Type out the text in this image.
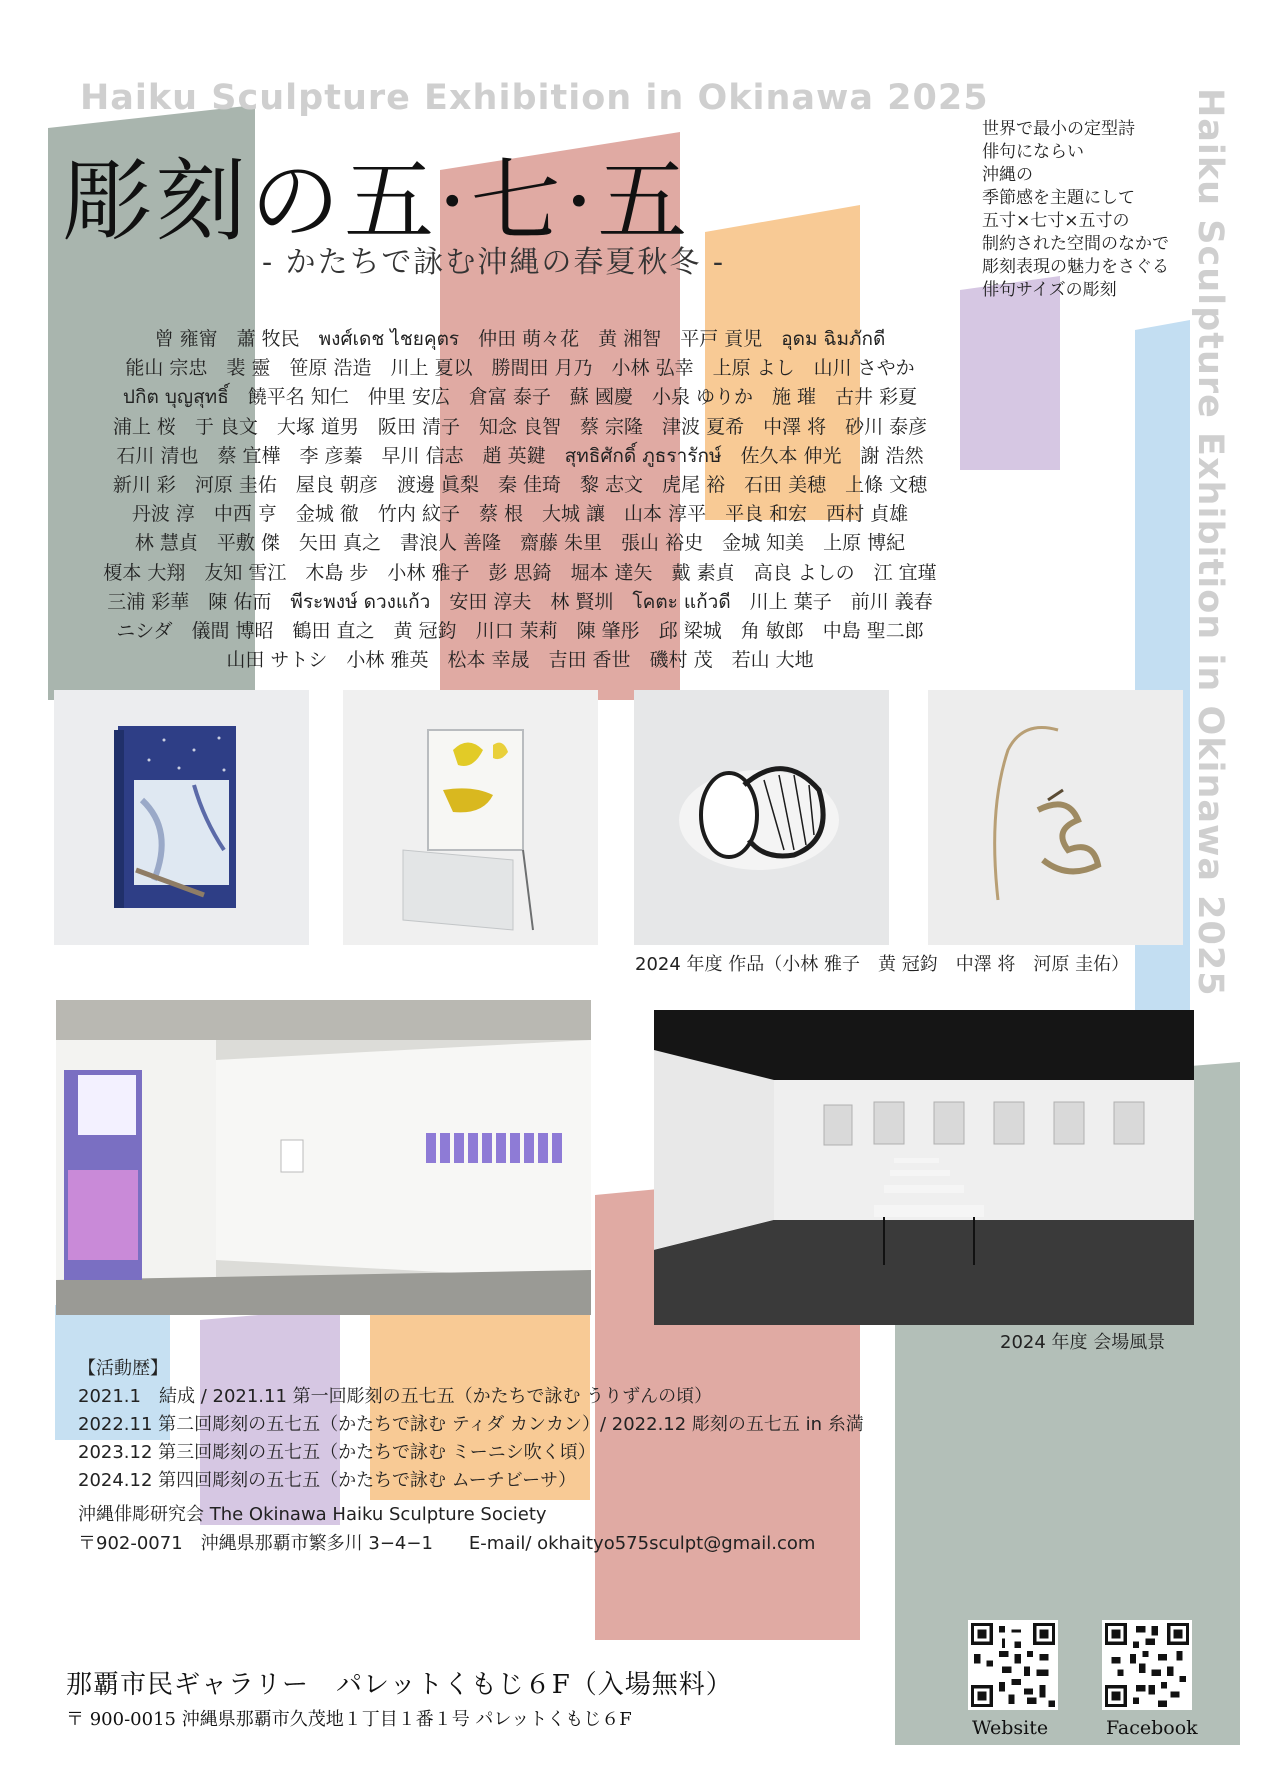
Haiku Sculpture Exhibition in Okinawa 2025	Haiku Sculpture Exhibition in Okinawa 2025
彫刻の五·七·五
- かたちで詠む沖縄の春夏秋冬 -
世界で最小の定型詩
俳句にならい
沖縄の
季節感を主題にして
五寸×七寸×五寸の
制約された空間のなかで
彫刻表現の魅力をさぐる
俳句サイズの彫刻
曾 雍甯　蕭 牧民　พงศ์เดช ไชยคุตร　仲田 萌々花　黄 湘智　平戸 貢児　อุดม ฉิมภักดี
能山 宗忠　裴 靈　笹原 浩造　川上 夏以　勝間田 月乃　小林 弘幸　上原 よし　山川 さやか
ปกิต บุญสุทธิ์　饒平名 知仁　仲里 安広　倉富 泰子　蘇 國慶　小泉 ゆりか　施 璀　古井 彩夏
浦上 桜　于 良文　大塚 道男　阪田 清子　知念 良智　蔡 宗隆　津波 夏希　中澤 将　砂川 泰彦
石川 清也　蔡 宜樺　李 彦蓁　早川 信志　趙 英鍵　สุทธิศักดิ์ ภูธรารักษ์　佐久本 伸光　謝 浩然
新川 彩　河原 圭佑　屋良 朝彦　渡邊 眞梨　秦 佳琦　黎 志文　虎尾 裕　石田 美穂　上條 文穂
丹波 淳　中西 亨　金城 徹　竹内 紋子　蔡 根　大城 讓　山本 淳平　平良 和宏　西村 貞雄
林 慧貞　平敷 傑　矢田 真之　書浪人 善隆　齋藤 朱里　張山 裕史　金城 知美　上原 博紀
榎本 大翔　友知 雪江　木島 步　小林 雅子　彭 思錡　堀本 達矢　戴 素貞　高良 よしの　江 宜瑾
三浦 彩華　陳 佑而　พีระพงษ์ ดวงแก้ว　安田 淳夫　林 賢圳　โคตะ แก้วดี　川上 葉子　前川 義春
ニシダ　儀間 博昭　鶴田 直之　黄 冠鈞　川口 茉莉　陳 肇彤　邱 梁城　角 敏郎　中島 聖二郎
山田 サトシ　小林 雅英　松本 幸晟　吉田 香世　磯村 茂　若山 大地
2024 年度 作品（小林 雅子　黄 冠鈞　中澤 将　河原 圭佑）
2024 年度 会場風景
【活動歴】
2021.1　結成 / 2021.11 第一回彫刻の五七五（かたちで詠む うりずんの頃）
2022.11 第二回彫刻の五七五（かたちで詠む ティダ カンカン）/ 2022.12 彫刻の五七五 in 糸満
2023.12 第三回彫刻の五七五（かたちで詠む ミーニシ吹く頃）
2024.12 第四回彫刻の五七五（かたちで詠む ムーチビーサ）
沖縄俳彫研究会 The Okinawa Haiku Sculpture Society
〒902-0071　沖縄県那覇市繁多川 3−4−1　　E-mail/ okhaityo575sculpt@gmail.com
那覇市民ギャラリー　パレットくもじ６F（入場無料）
〒 900-0015 沖縄県那覇市久茂地１丁目１番１号 パレットくもじ６F	Website	Facebook
